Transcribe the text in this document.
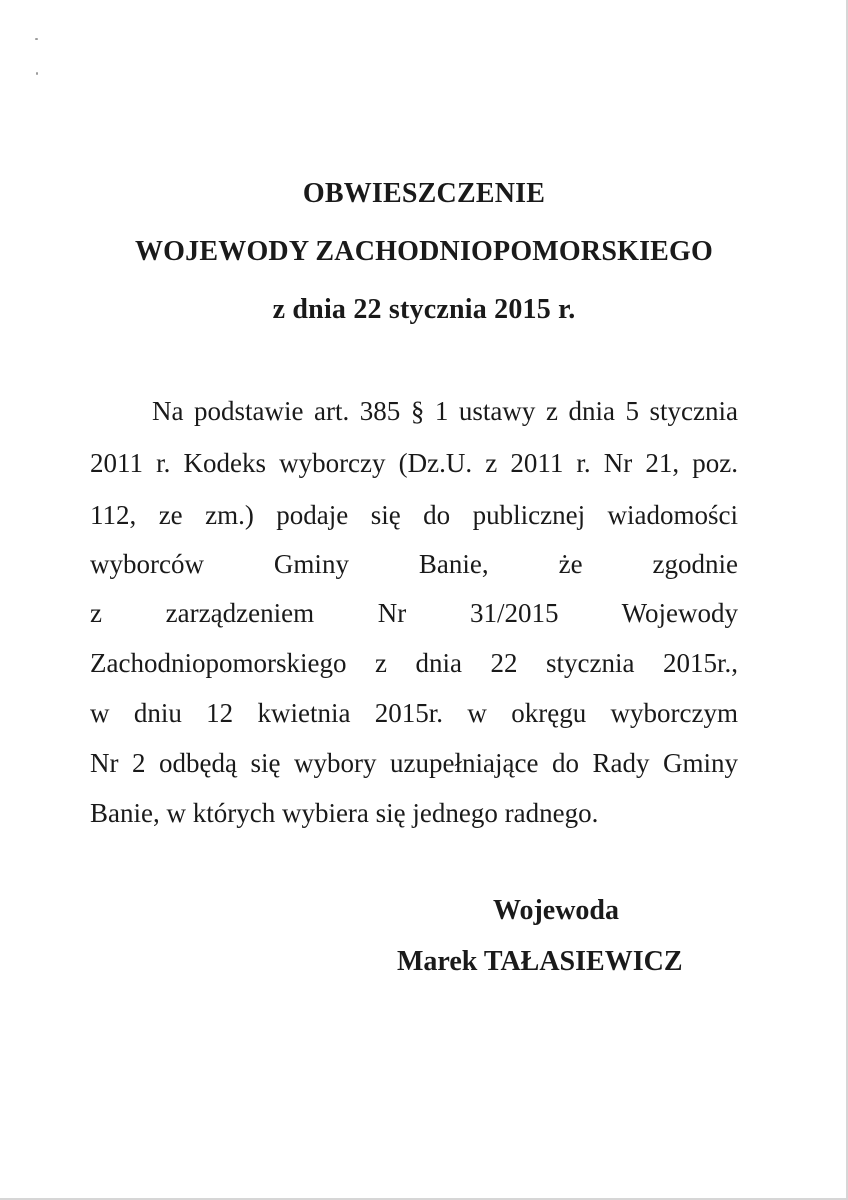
OBWIESZCZENIE
WOJEWODY ZACHODNIOPOMORSKIEGO
z dnia 22 stycznia 2015 r.
Na podstawie art. 385 § 1 ustawy z dnia 5 stycznia
2011 r. Kodeks wyborczy (Dz.U. z 2011 r. Nr 21, poz.
112, ze zm.) podaje się do publicznej wiadomości
wyborców Gminy Banie, że zgodnie
z zarządzeniem Nr 31/2015 Wojewody
Zachodniopomorskiego z dnia 22 stycznia 2015r.,
w dniu 12 kwietnia 2015r. w okręgu wyborczym
Nr 2 odbędą się wybory uzupełniające do Rady Gminy
Banie, w których wybiera się jednego radnego.
Wojewoda
Marek TAŁASIEWICZ
